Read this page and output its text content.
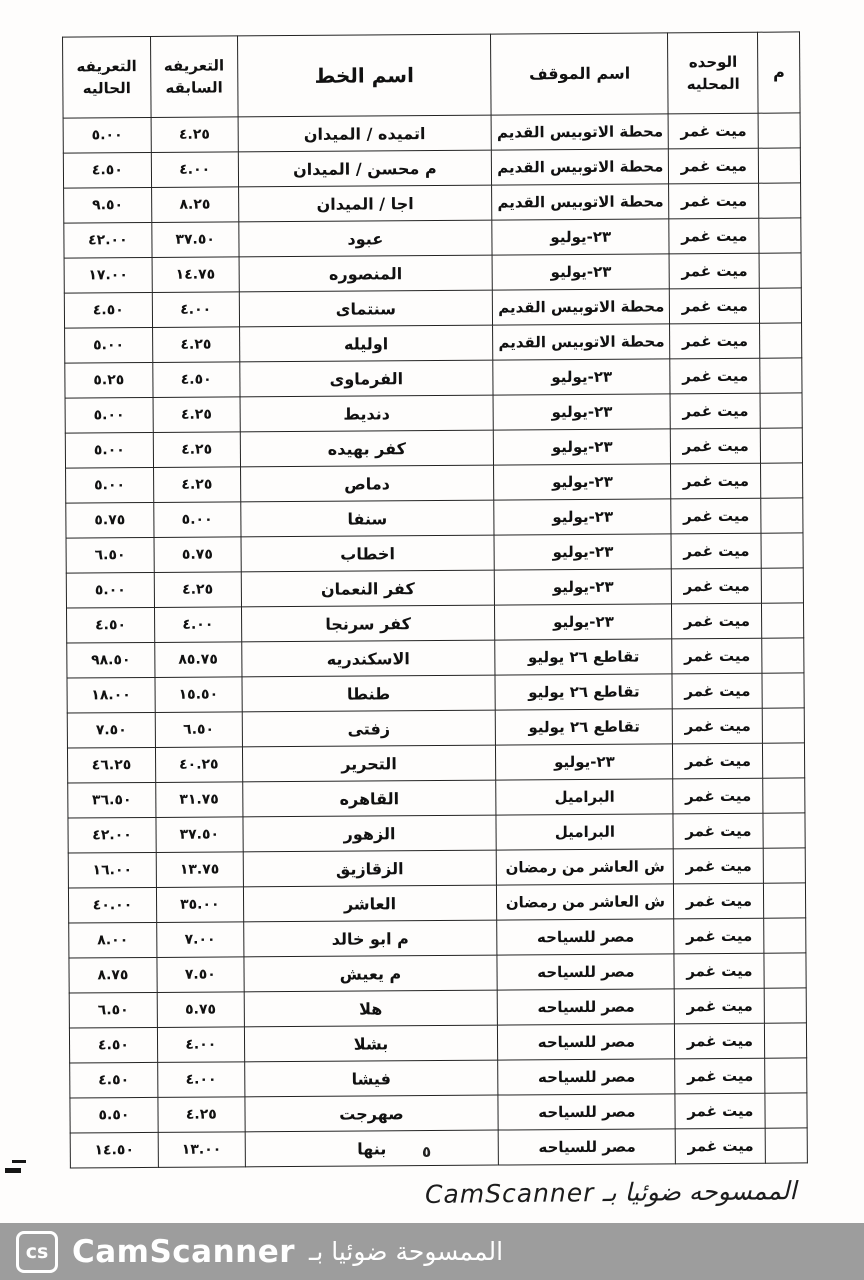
م	الوحده المحليه	اسم الموقف	اسم الخط	التعريفه السابقه	التعريفه الحاليه
	ميت غمر	محطة الاتوبيس القديم	اتميده / الميدان	٤.٢٥	٥.٠٠
	ميت غمر	محطة الاتوبيس القديم	م محسن / الميدان	٤.٠٠	٤.٥٠
	ميت غمر	محطة الاتوبيس القديم	اجا / الميدان	٨.٢٥	٩.٥٠
	ميت غمر	٢٣-يوليو	عبود	٣٧.٥٠	٤٢.٠٠
	ميت غمر	٢٣-يوليو	المنصوره	١٤.٧٥	١٧.٠٠
	ميت غمر	محطة الاتوبيس القديم	سنتماى	٤.٠٠	٤.٥٠
	ميت غمر	محطة الاتوبيس القديم	اوليله	٤.٢٥	٥.٠٠
	ميت غمر	٢٣-يوليو	الفرماوى	٤.٥٠	٥.٢٥
	ميت غمر	٢٣-يوليو	دنديط	٤.٢٥	٥.٠٠
	ميت غمر	٢٣-يوليو	كفر بهيده	٤.٢٥	٥.٠٠
	ميت غمر	٢٣-يوليو	دماص	٤.٢٥	٥.٠٠
	ميت غمر	٢٣-يوليو	سنفا	٥.٠٠	٥.٧٥
	ميت غمر	٢٣-يوليو	اخطاب	٥.٧٥	٦.٥٠
	ميت غمر	٢٣-يوليو	كفر النعمان	٤.٢٥	٥.٠٠
	ميت غمر	٢٣-يوليو	كفر سرنجا	٤.٠٠	٤.٥٠
	ميت غمر	تقاطع ٢٦ يوليو	الاسكندريه	٨٥.٧٥	٩٨.٥٠
	ميت غمر	تقاطع ٢٦ يوليو	طنطا	١٥.٥٠	١٨.٠٠
	ميت غمر	تقاطع ٢٦ يوليو	زفتى	٦.٥٠	٧.٥٠
	ميت غمر	٢٣-يوليو	التحرير	٤٠.٢٥	٤٦.٢٥
	ميت غمر	البراميل	القاهره	٣١.٧٥	٣٦.٥٠
	ميت غمر	البراميل	الزهور	٣٧.٥٠	٤٢.٠٠
	ميت غمر	ش العاشر من رمضان	الزقازيق	١٣.٧٥	١٦.٠٠
	ميت غمر	ش العاشر من رمضان	العاشر	٣٥.٠٠	٤٠.٠٠
	ميت غمر	مصر للسياحه	م ابو خالد	٧.٠٠	٨.٠٠
	ميت غمر	مصر للسياحه	م يعيش	٧.٥٠	٨.٧٥
	ميت غمر	مصر للسياحه	هلا	٥.٧٥	٦.٥٠
	ميت غمر	مصر للسياحه	بشلا	٤.٠٠	٤.٥٠
	ميت غمر	مصر للسياحه	فيشا	٤.٠٠	٤.٥٠
	ميت غمر	مصر للسياحه	صهرجت	٤.٢٥	٥.٥٠
	ميت غمر	مصر للسياحه	بنها	١٣.٠٠	١٤.٥٠	٥
الممسوحه ضوئيا بـ CamScanner
cs CamScanner الممسوحة ضوئيا بـ
